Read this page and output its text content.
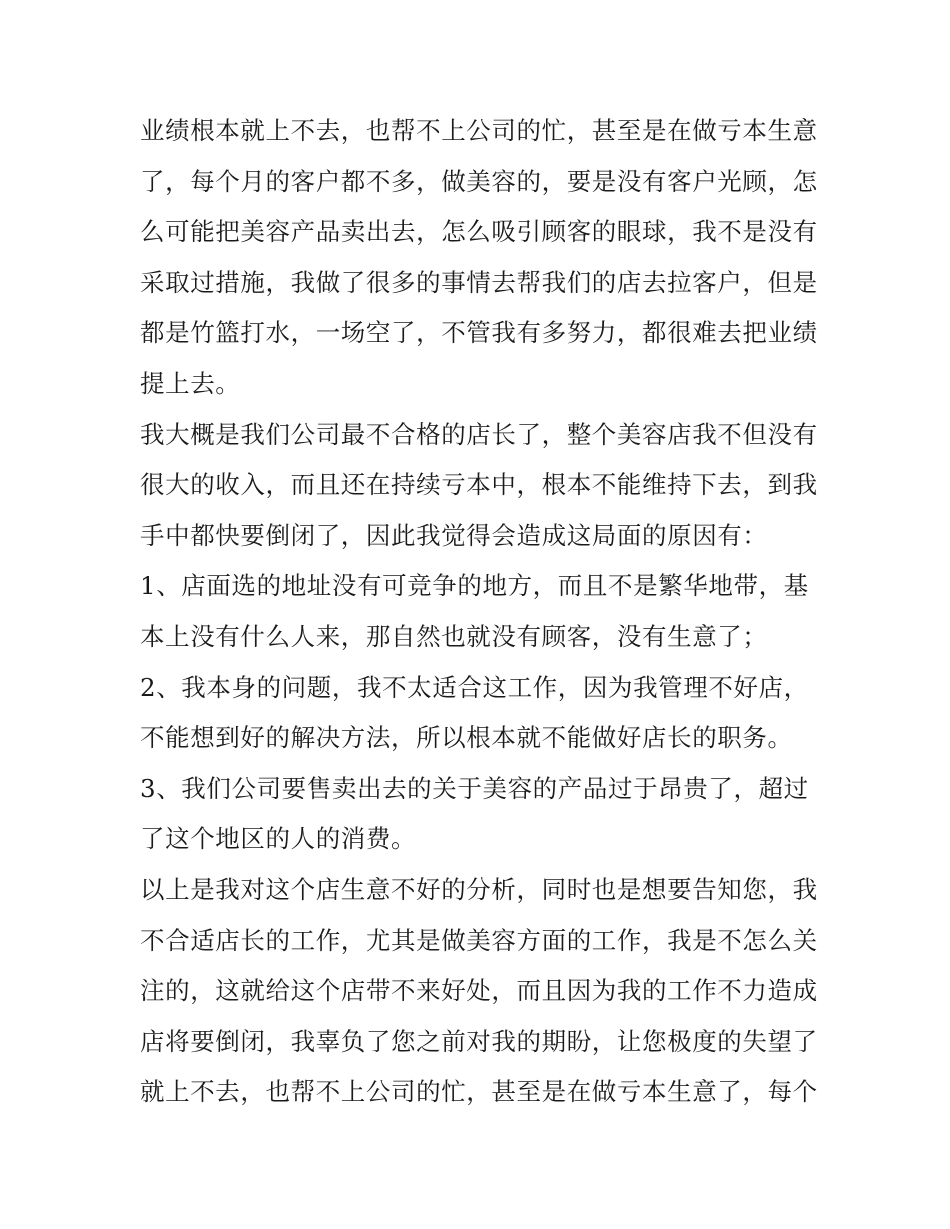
业绩根本就上不去，也帮不上公司的忙，甚至是在做亏本生意
了，每个月的客户都不多，做美容的，要是没有客户光顾，怎
么可能把美容产品卖出去，怎么吸引顾客的眼球，我不是没有
采取过措施，我做了很多的事情去帮我们的店去拉客户，但是
都是竹篮打水，一场空了，不管我有多努力，都很难去把业绩
提上去。
我大概是我们公司最不合格的店长了，整个美容店我不但没有
很大的收入，而且还在持续亏本中，根本不能维持下去，到我
手中都快要倒闭了，因此我觉得会造成这局面的原因有：
1、店面选的地址没有可竞争的地方，而且不是繁华地带，基
本上没有什么人来，那自然也就没有顾客，没有生意了；
2、我本身的问题，我不太适合这工作，因为我管理不好店，
不能想到好的解决方法，所以根本就不能做好店长的职务。
3、我们公司要售卖出去的关于美容的产品过于昂贵了，超过
了这个地区的人的消费。
以上是我对这个店生意不好的分析，同时也是想要告知您，我
不合适店长的工作，尤其是做美容方面的工作，我是不怎么关
注的，这就给这个店带不来好处，而且因为我的工作不力造成
店将要倒闭，我辜负了您之前对我的期盼，让您极度的失望了
就上不去，也帮不上公司的忙，甚至是在做亏本生意了，每个
